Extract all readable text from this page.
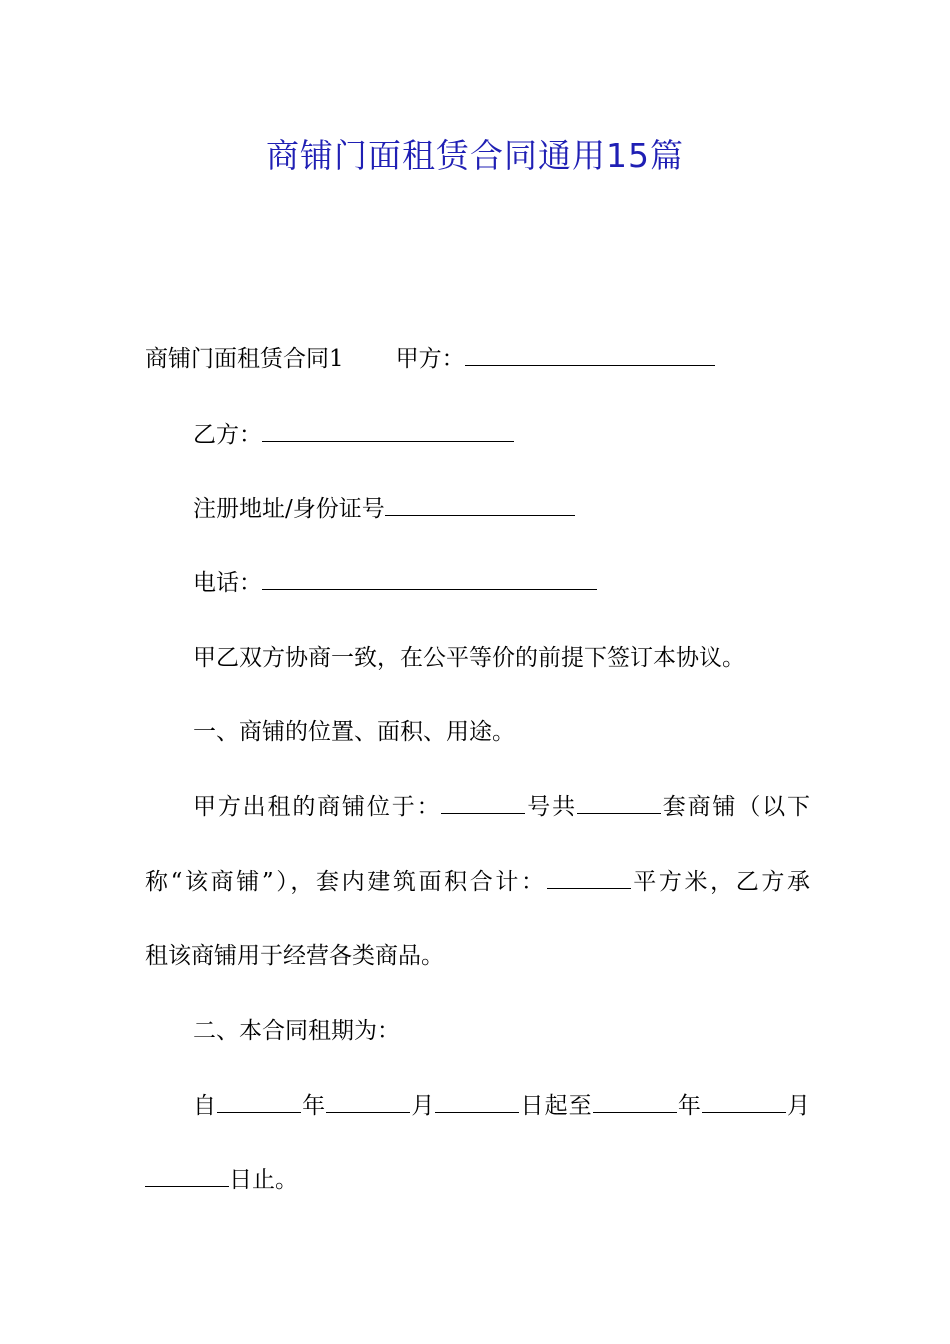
商铺门面租赁合同通用15篇
商铺门面租赁合同1 甲方：
乙方：
注册地址/身份证号
电话：
甲乙双方协商一致，在公平等价的前提下签订本协议。
一、商铺的位置、面积、用途。
甲方出租的商铺位于：	号共	套商铺（以下
称“该商铺”），套内建筑面积合计：	平方米，乙方承
租该商铺用于经营各类商品。
二、本合同租期为：
自	年	月	日起至	年	月
日止。
